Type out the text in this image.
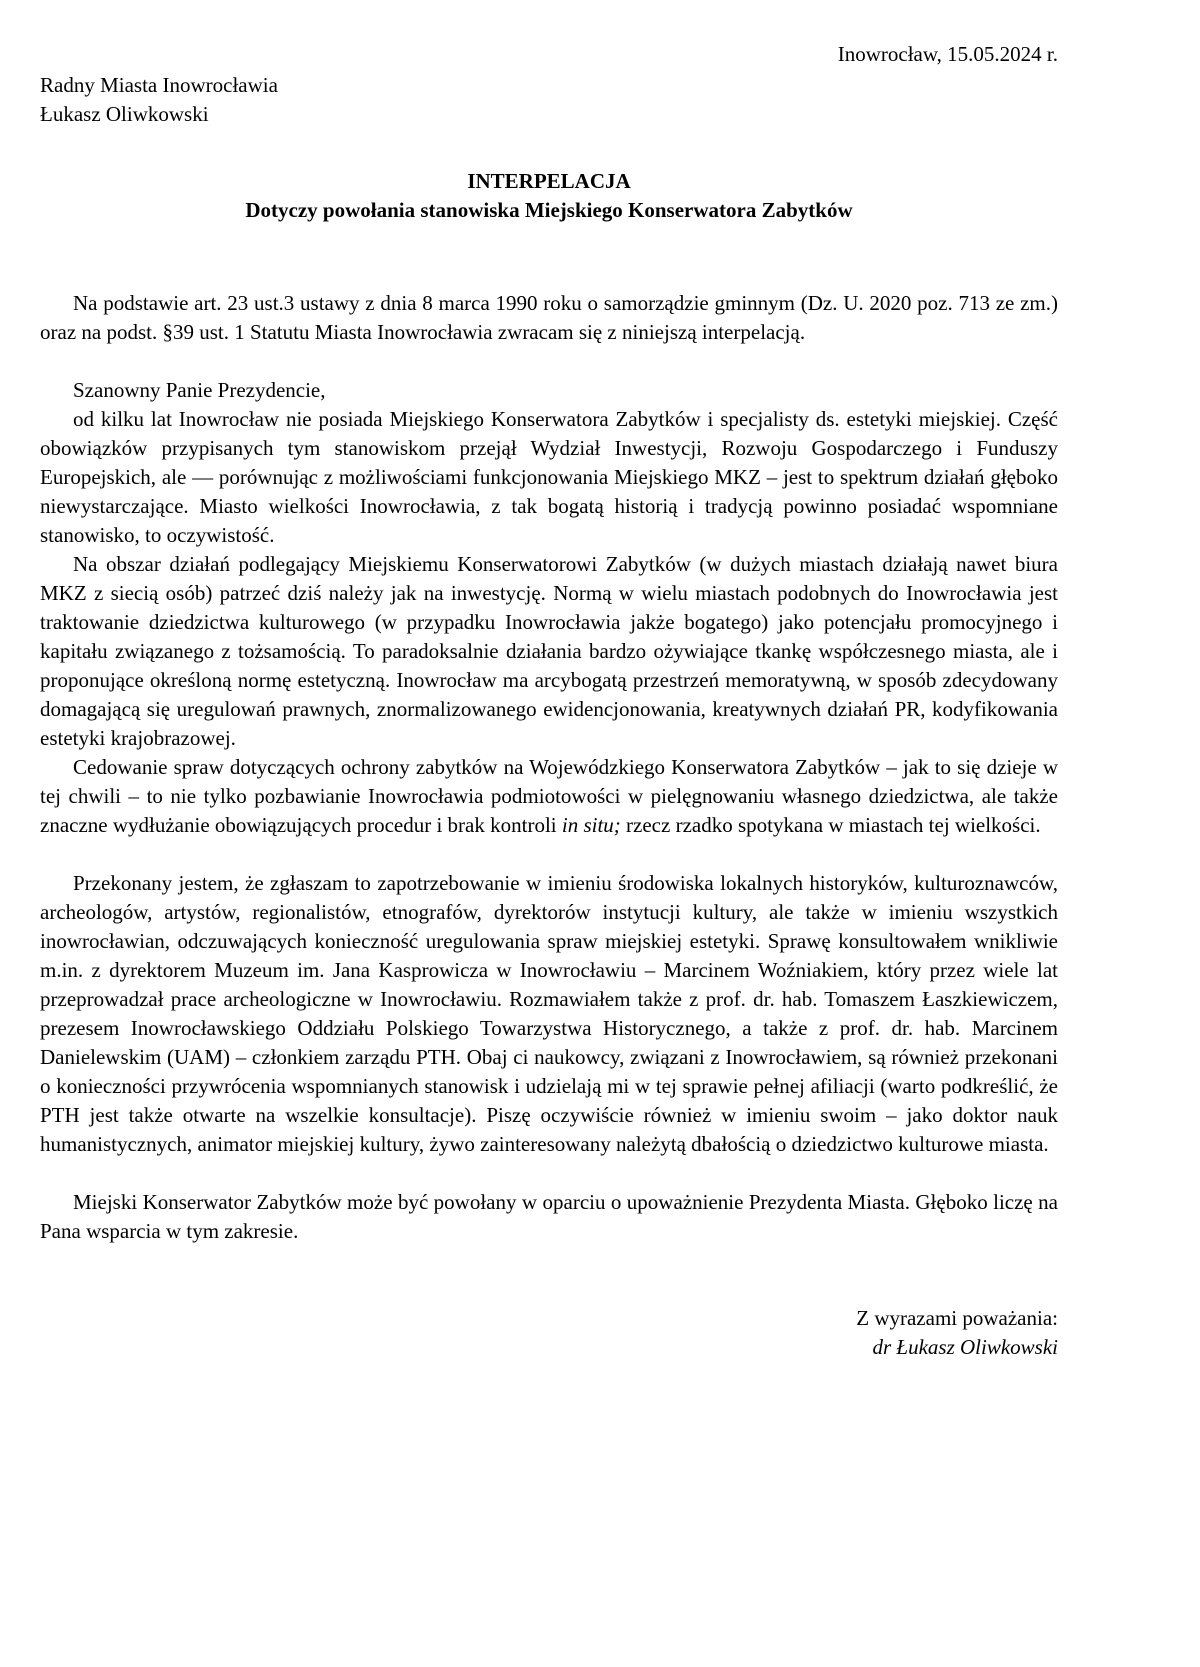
Inowrocław, 15.05.2024 r.
Radny Miasta Inowrocławia
Łukasz Oliwkowski
INTERPELACJA
Dotyczy powołania stanowiska Miejskiego Konserwatora Zabytków

Na podstawie art. 23 ust.3 ustawy z dnia 8 marca 1990 roku o samorządzie gminnym (Dz. U. 2020 poz. 713 ze zm.) oraz na podst. §39 ust. 1 Statutu Miasta Inowrocławia zwracam się z niniejszą interpelacją.

Szanowny Panie Prezydencie,

od kilku lat Inowrocław nie posiada Miejskiego Konserwatora Zabytków i specjalisty ds. estetyki miejskiej. Część obowiązków przypisanych tym stanowiskom przejął Wydział Inwestycji, Rozwoju Gospodarczego i Funduszy Europejskich, ale — porównując z możliwościami funkcjonowania Miejskiego MKZ – jest to spektrum działań głęboko niewystarczające. Miasto wielkości Inowrocławia, z tak bogatą historią i tradycją powinno posiadać wspomniane stanowisko, to oczywistość.

Na obszar działań podlegający Miejskiemu Konserwatorowi Zabytków (w dużych miastach działają nawet biura MKZ z siecią osób) patrzeć dziś należy jak na inwestycję. Normą w wielu miastach podobnych do Inowrocławia jest traktowanie dziedzictwa kulturowego (w przypadku Inowrocławia jakże bogatego) jako potencjału promocyjnego i kapitału związanego z tożsamością. To paradoksalnie działania bardzo ożywiające tkankę współczesnego miasta, ale i proponujące określoną normę estetyczną. Inowrocław ma arcybogatą przestrzeń memoratywną, w sposób zdecydowany domagającą się uregulowań prawnych, znormalizowanego ewidencjonowania, kreatywnych działań PR, kodyfikowania estetyki krajobrazowej.

Cedowanie spraw dotyczących ochrony zabytków na Wojewódzkiego Konserwatora Zabytków – jak to się dzieje w tej chwili – to nie tylko pozbawianie Inowrocławia podmiotowości w pielęgnowaniu własnego dziedzictwa, ale także znaczne wydłużanie obowiązujących procedur i brak kontroli in situ; rzecz rzadko spotykana w miastach tej wielkości.

Przekonany jestem, że zgłaszam to zapotrzebowanie w imieniu środowiska lokalnych historyków, kulturoznawców, archeologów, artystów, regionalistów, etnografów, dyrektorów instytucji kultury, ale także w imieniu wszystkich inowrocławian, odczuwających konieczność uregulowania spraw miejskiej estetyki. Sprawę konsultowałem wnikliwie m.in. z dyrektorem Muzeum im. Jana Kasprowicza w Inowrocławiu – Marcinem Woźniakiem, który przez wiele lat przeprowadzał prace archeologiczne w Inowrocławiu. Rozmawiałem także z prof. dr. hab. Tomaszem Łaszkiewiczem, prezesem Inowrocławskiego Oddziału Polskiego Towarzystwa Historycznego, a także z prof. dr. hab. Marcinem Danielewskim (UAM) – członkiem zarządu PTH. Obaj ci naukowcy, związani z Inowrocławiem, są również przekonani o konieczności przywrócenia wspomnianych stanowisk i udzielają mi w tej sprawie pełnej afiliacji (warto podkreślić, że PTH jest także otwarte na wszelkie konsultacje). Piszę oczywiście również w imieniu swoim – jako doktor nauk humanistycznych, animator miejskiej kultury, żywo zainteresowany należytą dbałością o dziedzictwo kulturowe miasta.

Miejski Konserwator Zabytków może być powołany w oparciu o upoważnienie Prezydenta Miasta. Głęboko liczę na Pana wsparcia w tym zakresie.

Z wyrazami poważania:
dr Łukasz Oliwkowski
